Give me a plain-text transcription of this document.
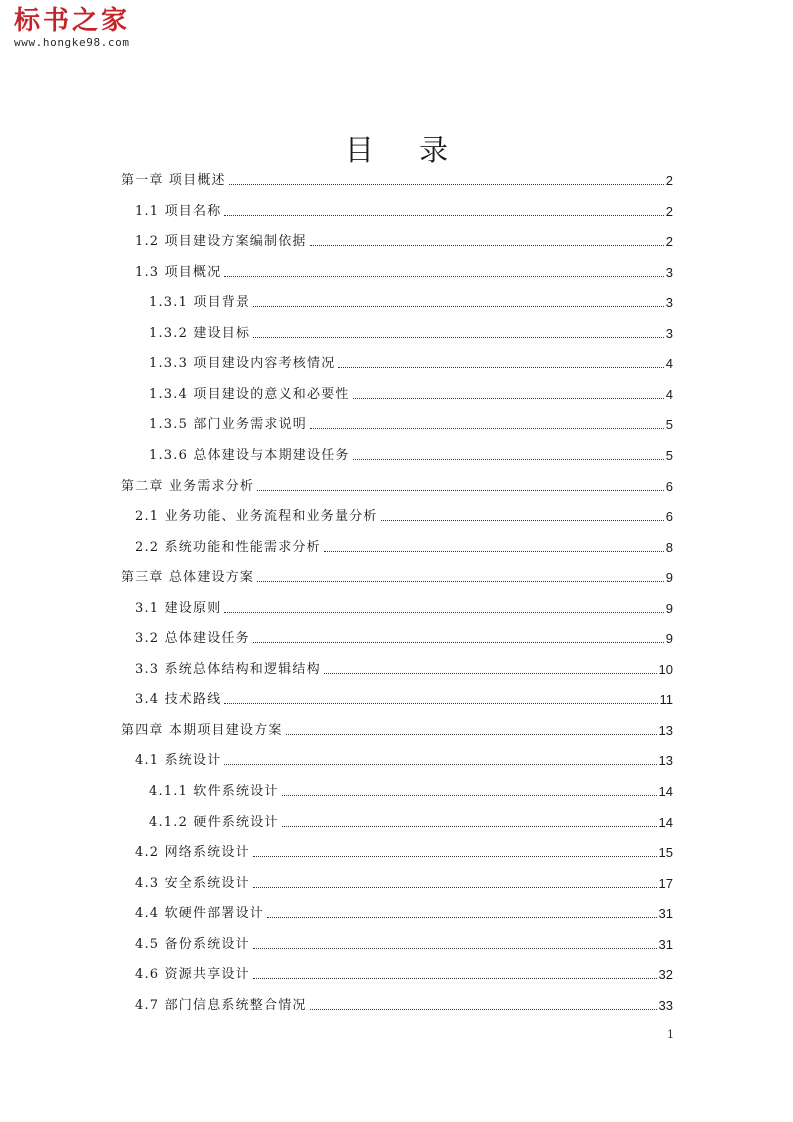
标书之家
www.hongke98.com
目 录
第一章 项目概述	2
1.1 项目名称	2
1.2 项目建设方案编制依据	2
1.3 项目概况	3
1.3.1 项目背景	3
1.3.2 建设目标	3
1.3.3 项目建设内容考核情况	4
1.3.4 项目建设的意义和必要性	4
1.3.5 部门业务需求说明	5
1.3.6 总体建设与本期建设任务	5
第二章 业务需求分析	6
2.1 业务功能、业务流程和业务量分析	6
2.2 系统功能和性能需求分析	8
第三章 总体建设方案	9
3.1 建设原则	9
3.2 总体建设任务	9
3.3 系统总体结构和逻辑结构	10
3.4 技术路线	11
第四章 本期项目建设方案	13
4.1 系统设计	13
4.1.1 软件系统设计	14
4.1.2 硬件系统设计	14
4.2 网络系统设计	15
4.3 安全系统设计	17
4.4 软硬件部署设计	31
4.5 备份系统设计	31
4.6 资源共享设计	32
4.7 部门信息系统整合情况	33
1
